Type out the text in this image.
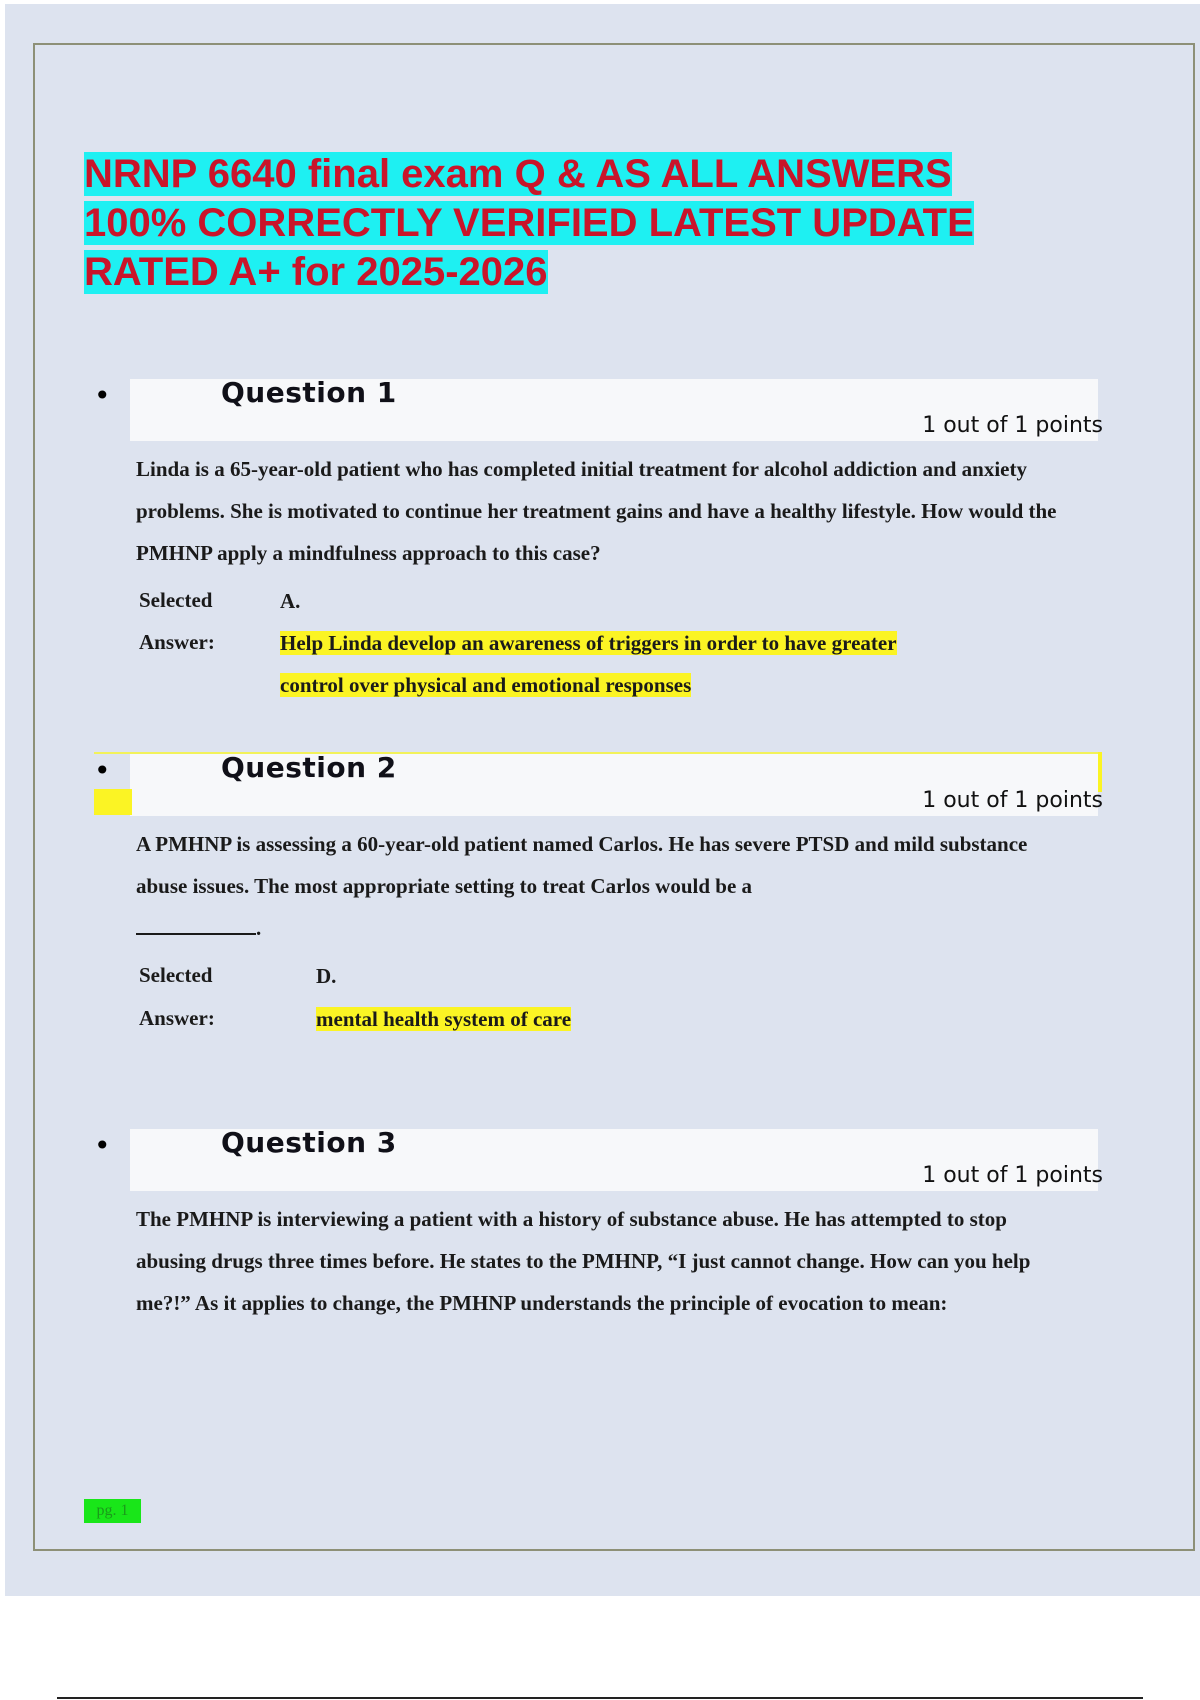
NRNP 6640 final exam Q & AS ALL ANSWERS
100% CORRECTLY VERIFIED LATEST UPDATE
RATED A+ for 2025-2026
•	Question 1
1 out of 1 points

Linda is a 65-year-old patient who has completed initial treatment for alcohol addiction and anxiety problems. She is motivated to continue her treatment gains and have a healthy lifestyle. How would the PMHNP apply a mindfulness approach to this case?

Selected
Answer:
A.
Help Linda develop an awareness of triggers in order to have greater
control over physical and emotional responses
•	Question 2
1 out of 1 points

A PMHNP is assessing a 60-year-old patient named Carlos. He has severe PTSD and mild substance abuse issues. The most appropriate setting to treat Carlos would be a
.

Selected
Answer:
D.
mental health system of care
•	Question 3
1 out of 1 points

The PMHNP is interviewing a patient with a history of substance abuse. He has attempted to stop abusing drugs three times before. He states to the PMHNP, “I just cannot change. How can you help me?!” As it applies to change, the PMHNP understands the principle of evocation to mean:

pg. 1
